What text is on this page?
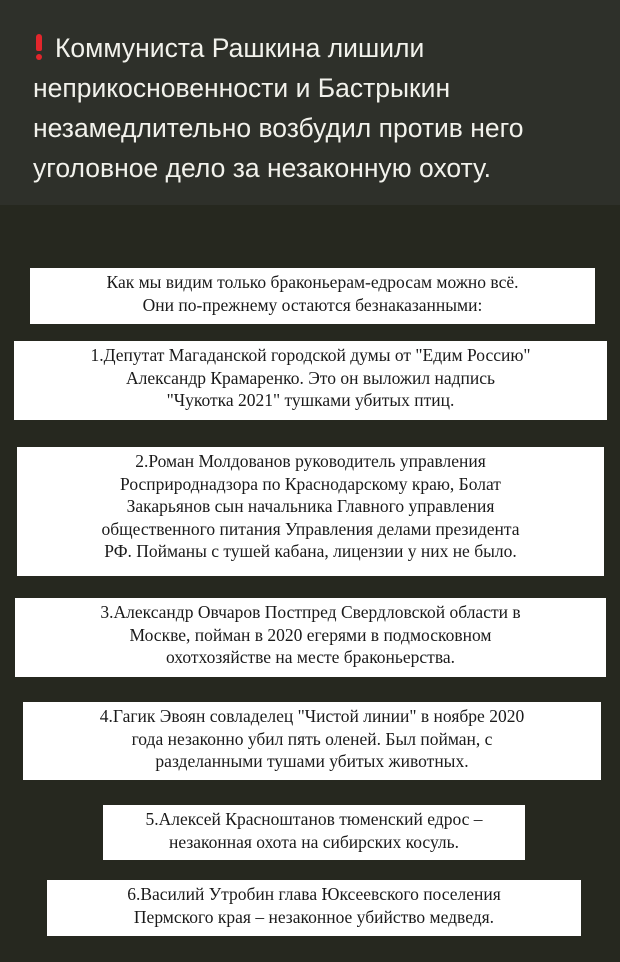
Коммуниста Рашкина лишили
неприкосновенности и Бастрыкин
незамедлительно возбудил против него
уголовное дело за незаконную охоту.
Как мы видим только браконьерам-едросам можно всё.
Они по-прежнему остаются безнаказанными:
1.Депутат Магаданской городской думы от "Едим Россию"
Александр Крамаренко. Это он выложил надпись
"Чукотка 2021" тушками убитых птиц.
2.Роман Молдованов руководитель управления
Росприроднадзора по Краснодарскому краю, Болат
Закарьянов сын начальника Главного управления
общественного питания Управления делами президента
РФ. Пойманы с тушей кабана, лицензии у них не было.
3.Александр Овчаров Постпред Свердловской области в
Москве, пойман в 2020 егерями в подмосковном
охотхозяйстве на месте браконьерства.
4.Гагик Эвоян совладелец "Чистой линии" в ноябре 2020
года незаконно убил пять оленей. Был пойман, с
разделанными тушами убитых животных.
5.Алексей Красноштанов тюменский едрос –
незаконная охота на сибирских косуль.
6.Василий Утробин глава Юксеевского поселения
Пермского края – незаконное убийство медведя.
